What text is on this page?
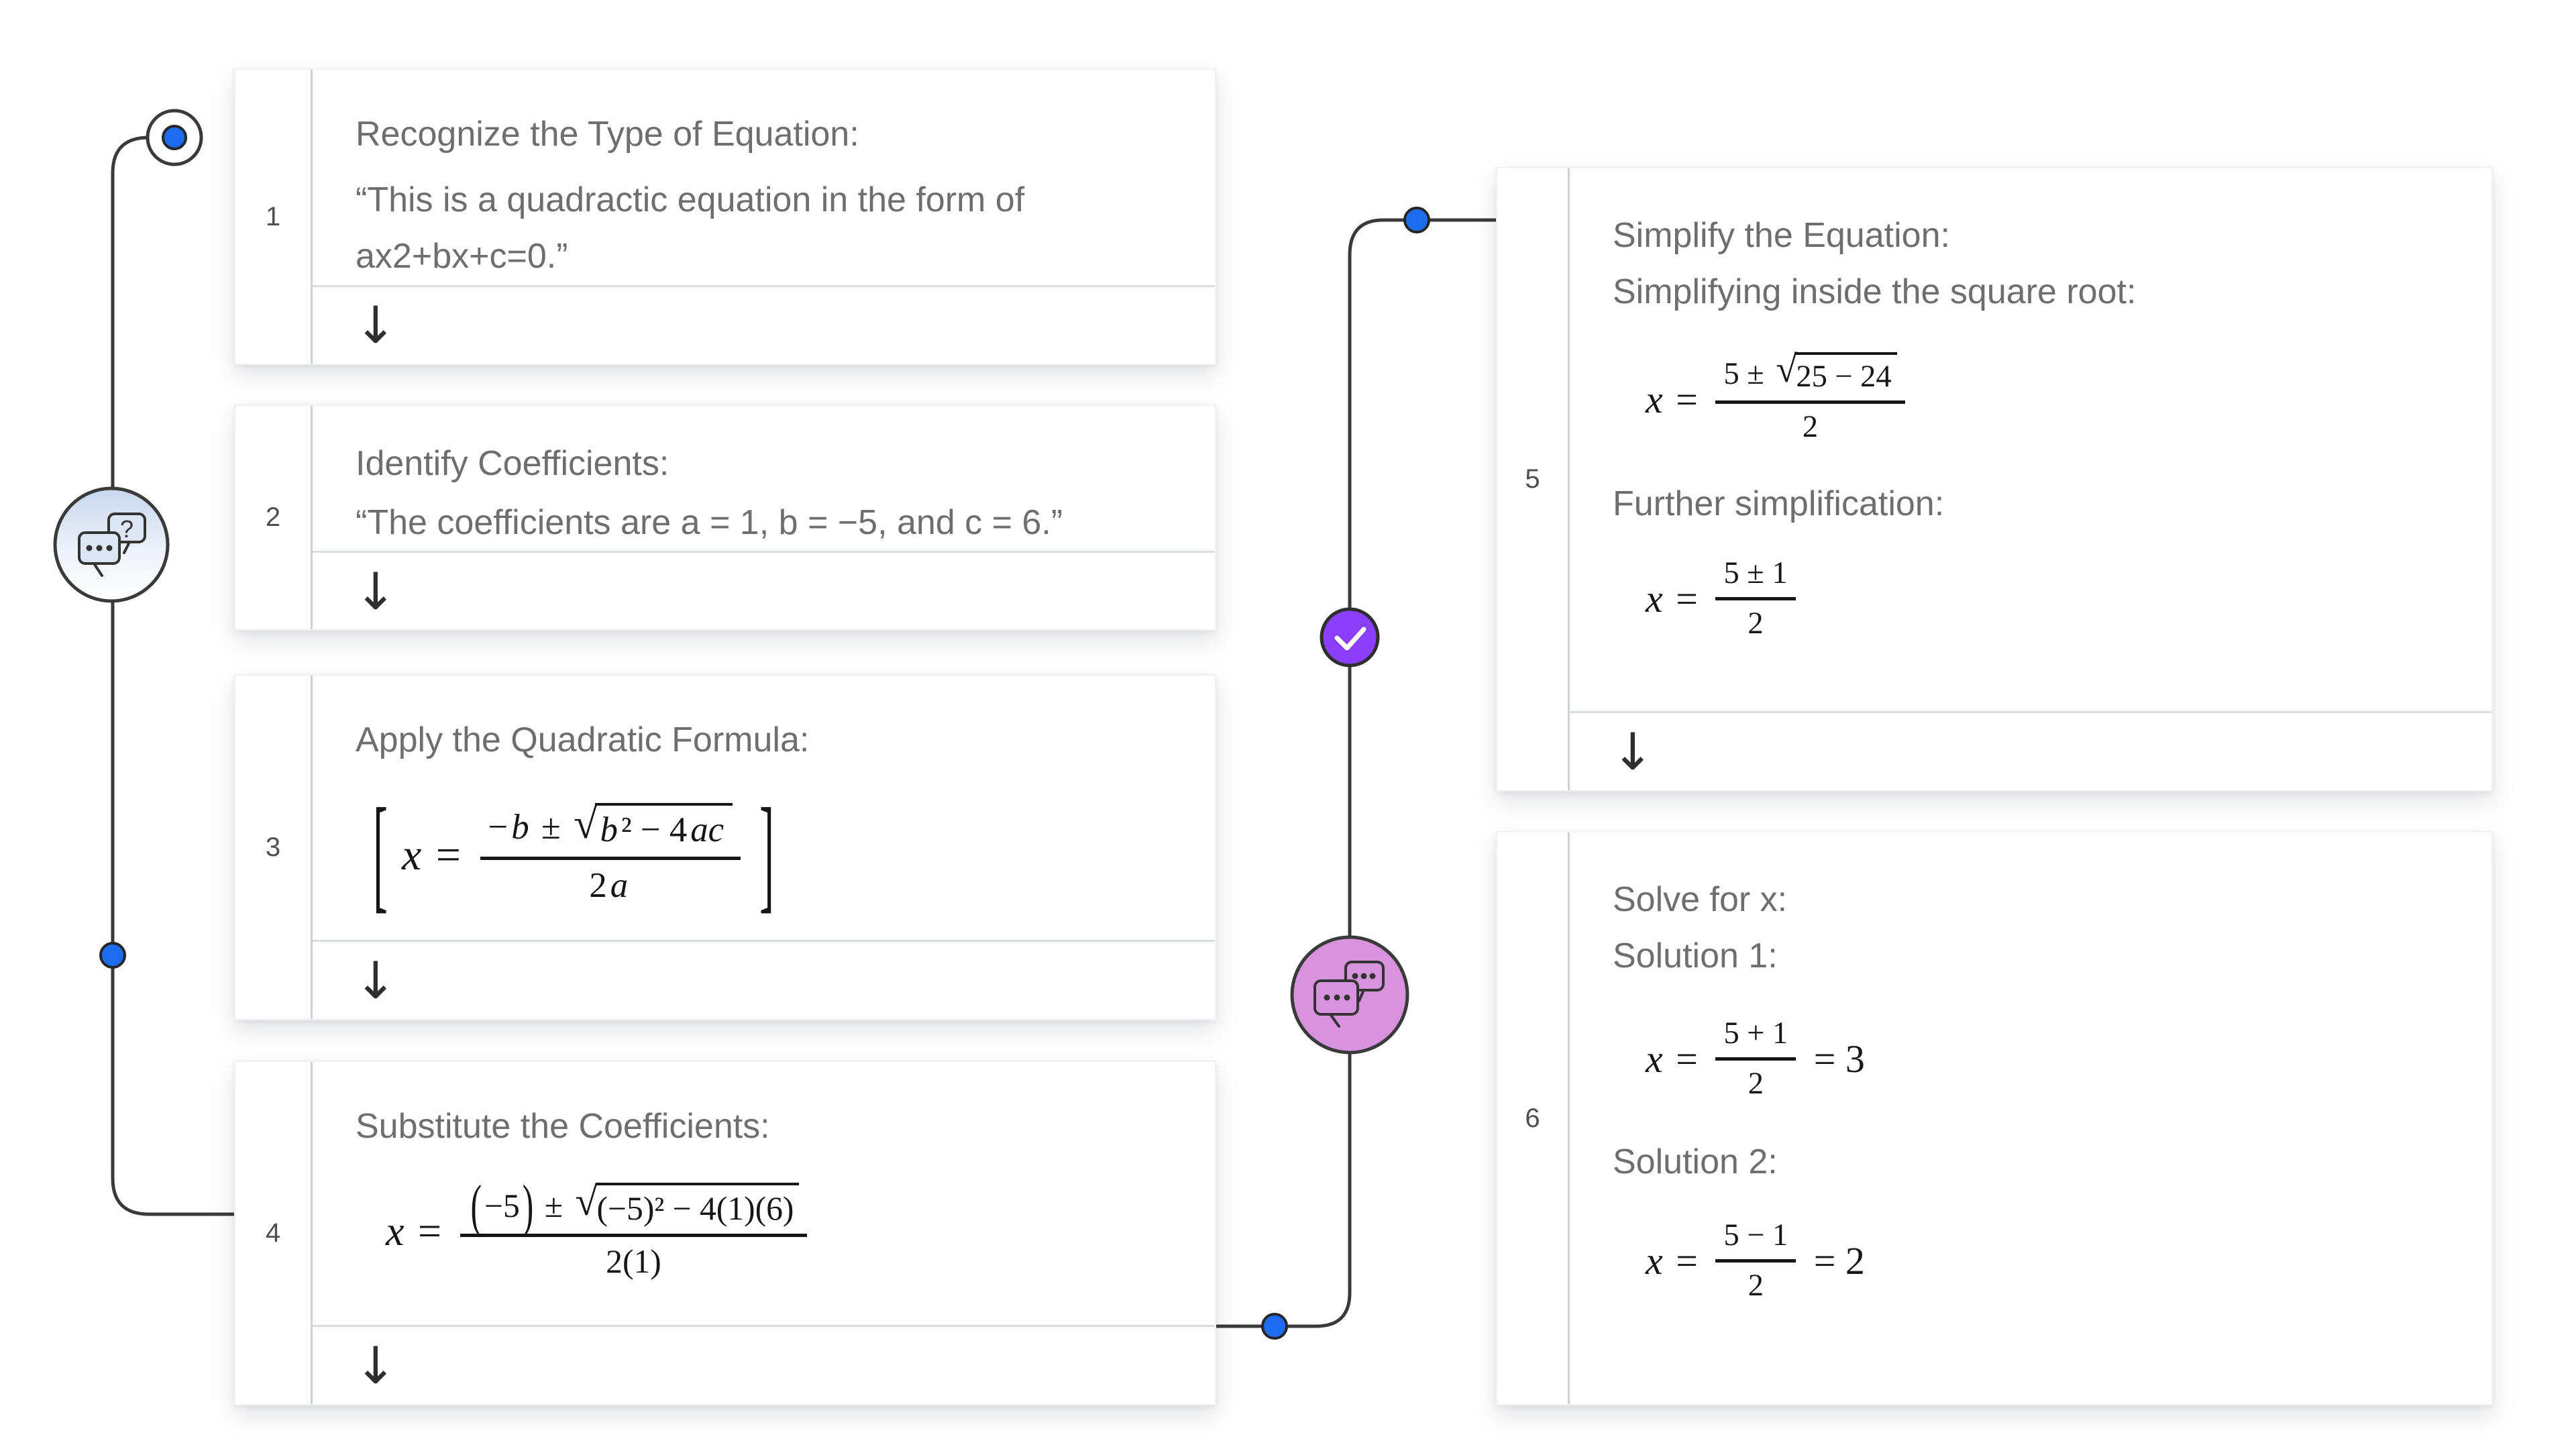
?
1
Recognize the Type of Equation:
“This is a quadractic equation in the form of ax2+bx+c=0.”
↓
2
Identify Coefficients:
“The coefficients are a = 1, b = −5, and c = 6.”
↓
3
Apply the Quadratic Formula:
[ $x = \frac{\text{− b ± √ b ² − 4 ac}}{2 a}$ ]
↓
4
Substitute the Coefficients:
$x = \frac{\text{( −5 ) ± √ (−5)² − 4(1)(6)}}{2(1)}$
↓
5
Simplify the Equation:
Simplifying inside the square root:
$x = \frac{5 \pm √ 25 - 24}{2}$
Further simplification:
$x = \frac{5 \pm 1}{2}$
↓
6
Solve for x:
Solution 1:
$x = \frac{5 + 1}{2} = 3$
Solution 2:
$x = \frac{5 - 1}{2} = 2$
